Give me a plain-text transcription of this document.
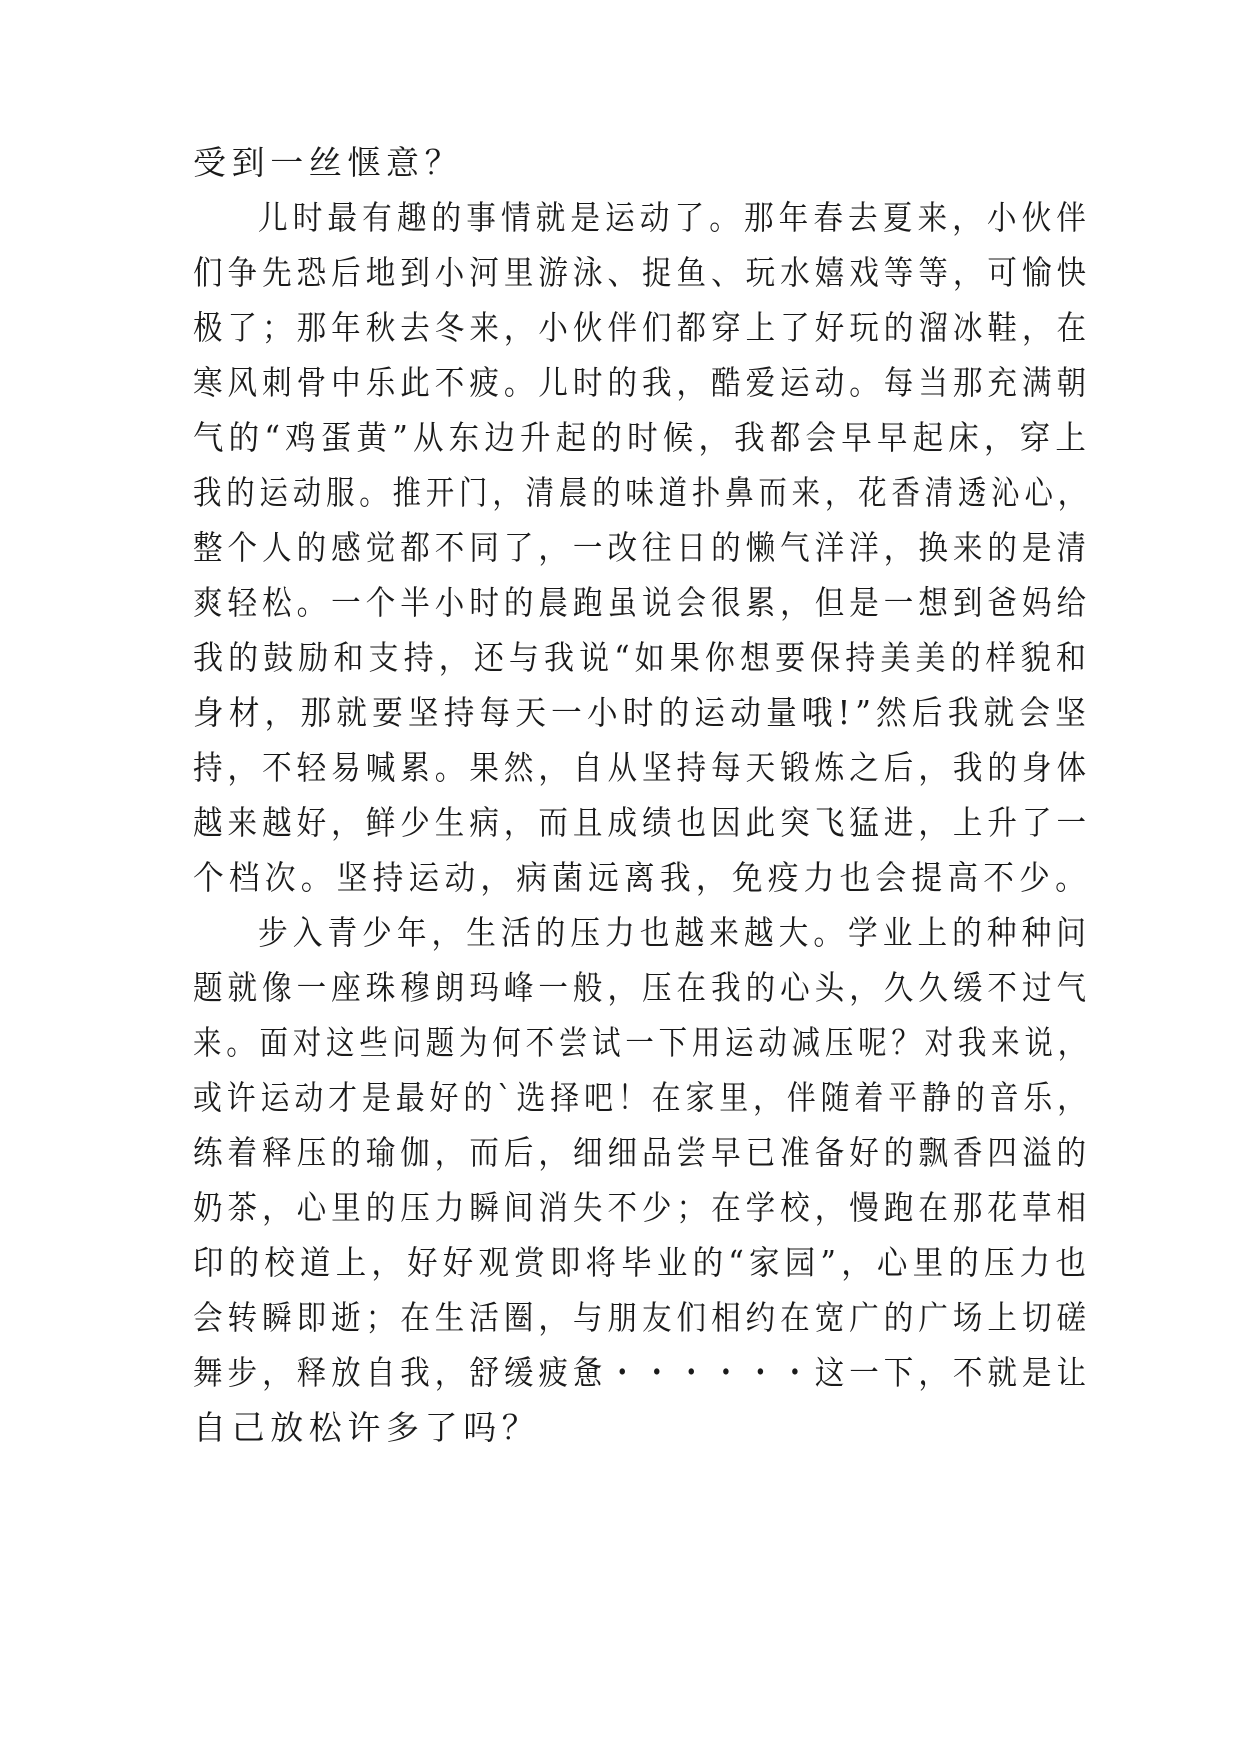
受到一丝惬意？
儿时最有趣的事情就是运动了。那年春去夏来，小伙伴
们争先恐后地到小河里游泳、捉鱼、玩水嬉戏等等，可愉快
极了；那年秋去冬来，小伙伴们都穿上了好玩的溜冰鞋，在
寒风刺骨中乐此不疲。儿时的我，酷爱运动。每当那充满朝
气的“鸡蛋黄”从东边升起的时候，我都会早早起床，穿上
我的运动服。推开门，清晨的味道扑鼻而来，花香清透沁心，
整个人的感觉都不同了，一改往日的懒气洋洋，换来的是清
爽轻松。一个半小时的晨跑虽说会很累，但是一想到爸妈给
我的鼓励和支持，还与我说“如果你想要保持美美的样貌和
身材，那就要坚持每天一小时的运动量哦!”然后我就会坚
持，不轻易喊累。果然，自从坚持每天锻炼之后，我的身体
越来越好，鲜少生病，而且成绩也因此突飞猛进，上升了一
个档次。坚持运动，病菌远离我，免疫力也会提高不少。
步入青少年，生活的压力也越来越大。学业上的种种问
题就像一座珠穆朗玛峰一般，压在我的心头，久久缓不过气
来。面对这些问题为何不尝试一下用运动减压呢？对我来说，
或许运动才是最好的`选择吧！在家里，伴随着平静的音乐，
练着释压的瑜伽，而后，细细品尝早已准备好的飘香四溢的
奶茶，心里的压力瞬间消失不少；在学校，慢跑在那花草相
印的校道上，好好观赏即将毕业的“家园”，心里的压力也
会转瞬即逝；在生活圈，与朋友们相约在宽广的广场上切磋
舞步，释放自我，舒缓疲惫・・・・・・这一下，不就是让
自己放松许多了吗？
